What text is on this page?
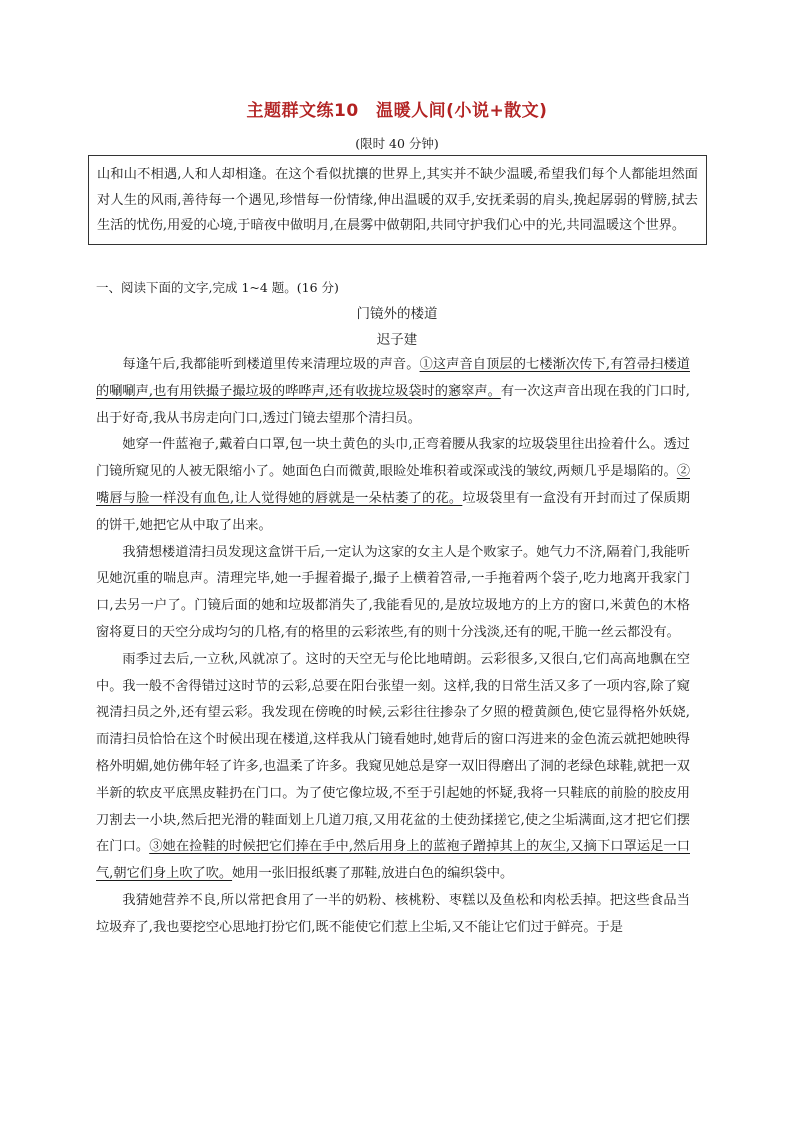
主题群文练10　温暖人间(小说+散文)
(限时 40 分钟)
山和山不相遇,人和人却相逢。在这个看似扰攘的世界上,其实并不缺少温暖,希望我们每个人都能坦然面对人生的风雨,善待每一个遇见,珍惜每一份情缘,伸出温暖的双手,安抚柔弱的肩头,挽起孱弱的臂膀,拭去生活的忧伤,用爱的心境,于暗夜中做明月,在晨雾中做朝阳,共同守护我们心中的光,共同温暖这个世界。
一、阅读下面的文字,完成 1~4 题。(16 分)
门镜外的楼道
迟子建

每逢午后,我都能听到楼道里传来清理垃圾的声音。①这声音自顶层的七楼渐次传下,有笤帚扫楼道的唰唰声,也有用铁撮子撮垃圾的哗哗声,还有收拢垃圾袋时的窸窣声。有一次这声音出现在我的门口时,出于好奇,我从书房走向门口,透过门镜去望那个清扫员。

她穿一件蓝袍子,戴着白口罩,包一块土黄色的头巾,正弯着腰从我家的垃圾袋里往出捡着什么。透过门镜所窥见的人被无限缩小了。她面色白而微黄,眼睑处堆积着或深或浅的皱纹,两颊几乎是塌陷的。②嘴唇与脸一样没有血色,让人觉得她的唇就是一朵枯萎了的花。垃圾袋里有一盒没有开封而过了保质期的饼干,她把它从中取了出来。

我猜想楼道清扫员发现这盒饼干后,一定认为这家的女主人是个败家子。她气力不济,隔着门,我能听见她沉重的喘息声。清理完毕,她一手握着撮子,撮子上横着笤帚,一手拖着两个袋子,吃力地离开我家门口,去另一户了。门镜后面的她和垃圾都消失了,我能看见的,是放垃圾地方的上方的窗口,米黄色的木格窗将夏日的天空分成均匀的几格,有的格里的云彩浓些,有的则十分浅淡,还有的呢,干脆一丝云都没有。

雨季过去后,一立秋,风就凉了。这时的天空无与伦比地晴朗。云彩很多,又很白,它们高高地飘在空中。我一般不舍得错过这时节的云彩,总要在阳台张望一刻。这样,我的日常生活又多了一项内容,除了窥视清扫员之外,还有望云彩。我发现在傍晚的时候,云彩往往掺杂了夕照的橙黄颜色,使它显得格外妖娆,而清扫员恰恰在这个时候出现在楼道,这样我从门镜看她时,她背后的窗口泻进来的金色流云就把她映得格外明媚,她仿佛年轻了许多,也温柔了许多。我窥见她总是穿一双旧得磨出了洞的老绿色球鞋,就把一双半新的软皮平底黑皮鞋扔在门口。为了使它像垃圾,不至于引起她的怀疑,我将一只鞋底的前脸的胶皮用刀割去一小块,然后把光滑的鞋面划上几道刀痕,又用花盆的土使劲揉搓它,使之尘垢满面,这才把它们摆在门口。③她在捡鞋的时候把它们捧在手中,然后用身上的蓝袍子蹭掉其上的灰尘,又摘下口罩运足一口气,朝它们身上吹了吹。她用一张旧报纸裹了那鞋,放进白色的编织袋中。

我猜她营养不良,所以常把食用了一半的奶粉、核桃粉、枣糕以及鱼松和肉松丢掉。把这些食品当垃圾弃了,我也要挖空心思地打扮它们,既不能使它们惹上尘垢,又不能让它们过于鲜亮。于是
